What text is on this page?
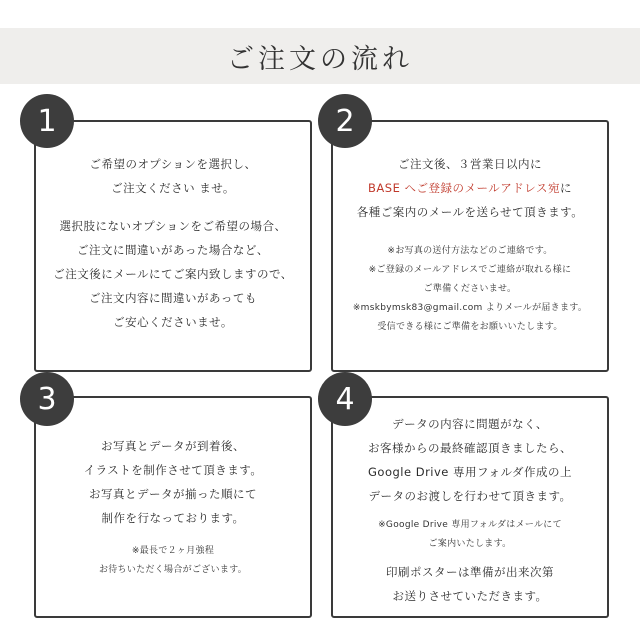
ご注文の流れ
ご希望のオプションを選択し、
ご注文ください ませ。
選択肢にないオプションをご希望の場合、
ご注文に間違いがあった場合など、
ご注文後にメールにてご案内致しますので、
ご注文内容に間違いがあっても
ご安心くださいませ。
1
ご注文後、３営業日以内に
BASE へご登録のメールアドレス宛に
各種ご案内のメールを送らせて頂きます。
※お写真の送付方法などのご連絡です。
※ご登録のメールアドレスでご連絡が取れる様に
ご準備くださいませ。
※mskbymsk83@gmail.com よりメールが届きます。
受信できる様にご準備をお願いいたします。
2
お写真とデータが到着後、
イラストを制作させて頂きます。
お写真とデータが揃った順にて
制作を行なっております。
※最長で２ヶ月強程
お待ちいただく場合がございます。
3
データの内容に問題がなく、
お客様からの最終確認頂きましたら、
Google Drive 専用フォルダ作成の上
データのお渡しを行わせて頂きます。
※Google Drive 専用フォルダはメールにて
ご案内いたします。
印刷ポスターは準備が出来次第
お送りさせていただきます。
4
